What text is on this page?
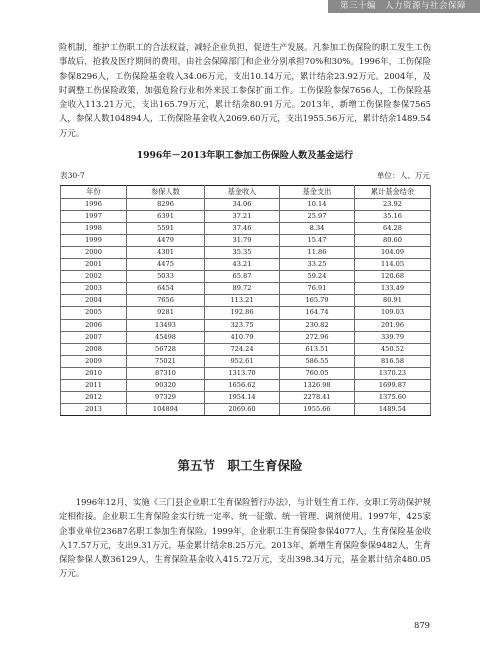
第三十编　人力资源与社会保障

险机制，维护工伤职工的合法权益，减轻企业负担，促进生产发展。凡参加工伤保险的职工发生工伤事故后，抢救及医疗期间的费用，由社会保障部门和企业分别承担70%和30%。1996年，工伤保险参保8296人，工伤保险基金收入34.06万元，支出10.14万元，累计结余23.92万元。2004年，及时调整工伤保险政策，加强危险行业和外来民工参保扩面工作。工伤保险参保7656人，工伤保险基金收入113.21万元，支出165.79万元，累计结余80.91万元。2013年，新增工伤保险参保7565人，参保人数104894人，工伤保险基金收入2069.60万元，支出1955.56万元，累计结余1489.54万元。

1996年－2013年职工参加工伤保险人数及基金运行
表30-7	单位：人、万元
年份	参保人数	基金收入	基金支出	累计基金结余
1996	8296	34.06	10.14	23.92
1997	6391	37.21	25.97	35.16
1998	5591	37.46	8.34	64.28
1999	4479	31.79	15.47	80.60
2000	4301	35.35	11.86	104.09
2001	4475	43.21	33.25	114.05
2002	5033	65.87	59.24	120.68
2003	6454	89.72	76.91	133.49
2004	7656	113.21	165.79	80.91
2005	9281	192.86	164.74	109.03
2006	13493	323.75	230.82	201.96
2007	45498	410.79	272.96	339.79
2008	56728	724.24	613.51	450.52
2009	75021	952.61	586.55	816.58
2010	87310	1313.70	760.05	1370.23
2011	90320	1656.62	1326.98	1699.87
2012	97329	1954.14	2278.41	1375.60
2013	104894	2069.60	1955.66	1489.54
第五节　职工生育保险

1996年12月，实施《三门县企业职工生育保险暂行办法》，与计划生育工作、女职工劳动保护规定相衔接。企业职工生育保险金实行统一定率、统一征缴、统一管理、调剂使用。1997年，425家企事业单位23687名职工参加生育保险。1999年，企业职工生育保险参保4077人，生育保险基金收入17.57万元，支出9.31万元，基金累计结余8.25万元。2013年，新增生育保险参保9482人，生育保险参保人数36129人，生育保险基金收入415.72万元，支出398.34万元，基金累计结余480.05万元。

879
